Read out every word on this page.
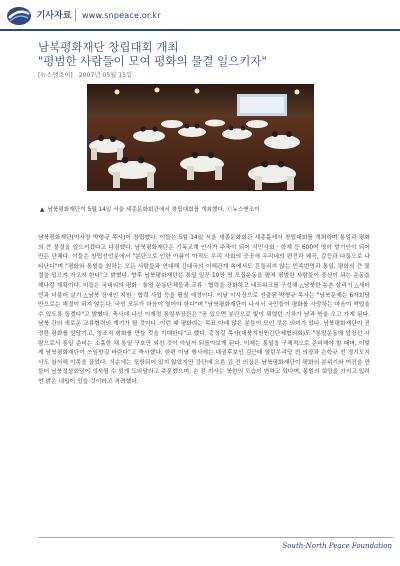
기사자료	www.snpeace.or.kr
남북평화재단 창립대회 개최
"평범한 사람들이 모여 평화의 물결 일으키자"
[뉴스앤조이] 2007년 05월 15일
▲ 남북평화재단이 5월 14일 서울 세종문화회관에서 창립대회를 개최했다. ⓒ뉴스앤조이

남북평화재단(이사장 박형규 목사)이 창립했다. 이들은 5월 14일 서울 세종문화회관 세종홀에서 창립대회를 개최하며 통일과 평화의 큰 물결을 일으키겠다고 다짐했다. 남북평화재단은 기독교계 인사가 주축이 되어 시민사회 · 학계 등 600여 명이 발기인이 되어 만든 단체다. 이들은 창립선언문에서 "분단으로 인한 아픔이 아직도 우리 사회의 곳곳에 우리네의 편견과 왜곡, 갈등과 다툼으로 나타난다"며 "평화와 통일을 원하는 모든 사람들과 연대해 강대국의 이해관계 속에서도 흔들리지 않는 민족번영과 통일, 평화의 큰 물결을 일으켜 가고자 한다"고 밝혔다. 향후 남북평화재단은 통일 일꾼 10만 명 모집운동을 펼쳐 평범한 사람들이 중심이 되는 운동을 해나갈 계획이다. 이들은 국내외의 평화 · 통일 운동단체들과 교류 · 협력을 강화하고 네트워크를 구성해 △남북한 농촌 살리기 △새터민과 더불어 살기 △남북 장애인 지원 · 협력 사업 등을 펼칠 예정이다. 이날 이사장으로 선출된 박형규 목사는 "남북문제는 6자회담만으로는 해결이 되지 않는다. 국민 모두가 마음이 열어야 한다"며 "남북평화재단이 나서서 국민들이 평화를 사랑하는 마음이 싹텄을 수 있도록 돕겠다"고 밝혔다. 축사에 나선 이재정 통일부장관은 "곧 있으면 분단으로 빛이 뭐였던 기차가 남과 북을 오고 가게 된다. 남북 간의 새로운 교류협력의 계기가 될 것이다. 이런 때 평화라는 목표 아래 많은 분들이 모인 것은 의미가 있다. 남북평화재단이 진정한 평화를 앞당기고, 청조적 평화를 만들 것을 기대한다"고 했다. 홍정길 목사(대북지원민간단체협의회)도 "통일운동에 앞장선 사람으로서 통일 준비는 소홀한 채 통일 구호만 외친 것이 아닐까 되돌아보게 된다. 이제는 통일을 구체적으로 준비해야 할 때며, 이렇게 남북평화재단이 쓰임받길 바란다"고 축사했다. 한편 이날 행사에는 대권후보인 김근태 열린우리당 전 의장과 손학규 전 경기도지사도 참석해 이목을 끌었다. 식순에는 포함되어 있지 않았지만 강단에 오른 김 전 의장은 남북평화재단이 평화의 분위기와 여건을 만들어 남북정상회담이 성사될 수 있게 도와달라고 주문했으며, 손 전 지사는 북한의 모습이 변하고 있다며, 통일의 희망을 가지고 일하면 밝은 내일이 있을 것이라고 격려했다.

South-North Peace Foundation
